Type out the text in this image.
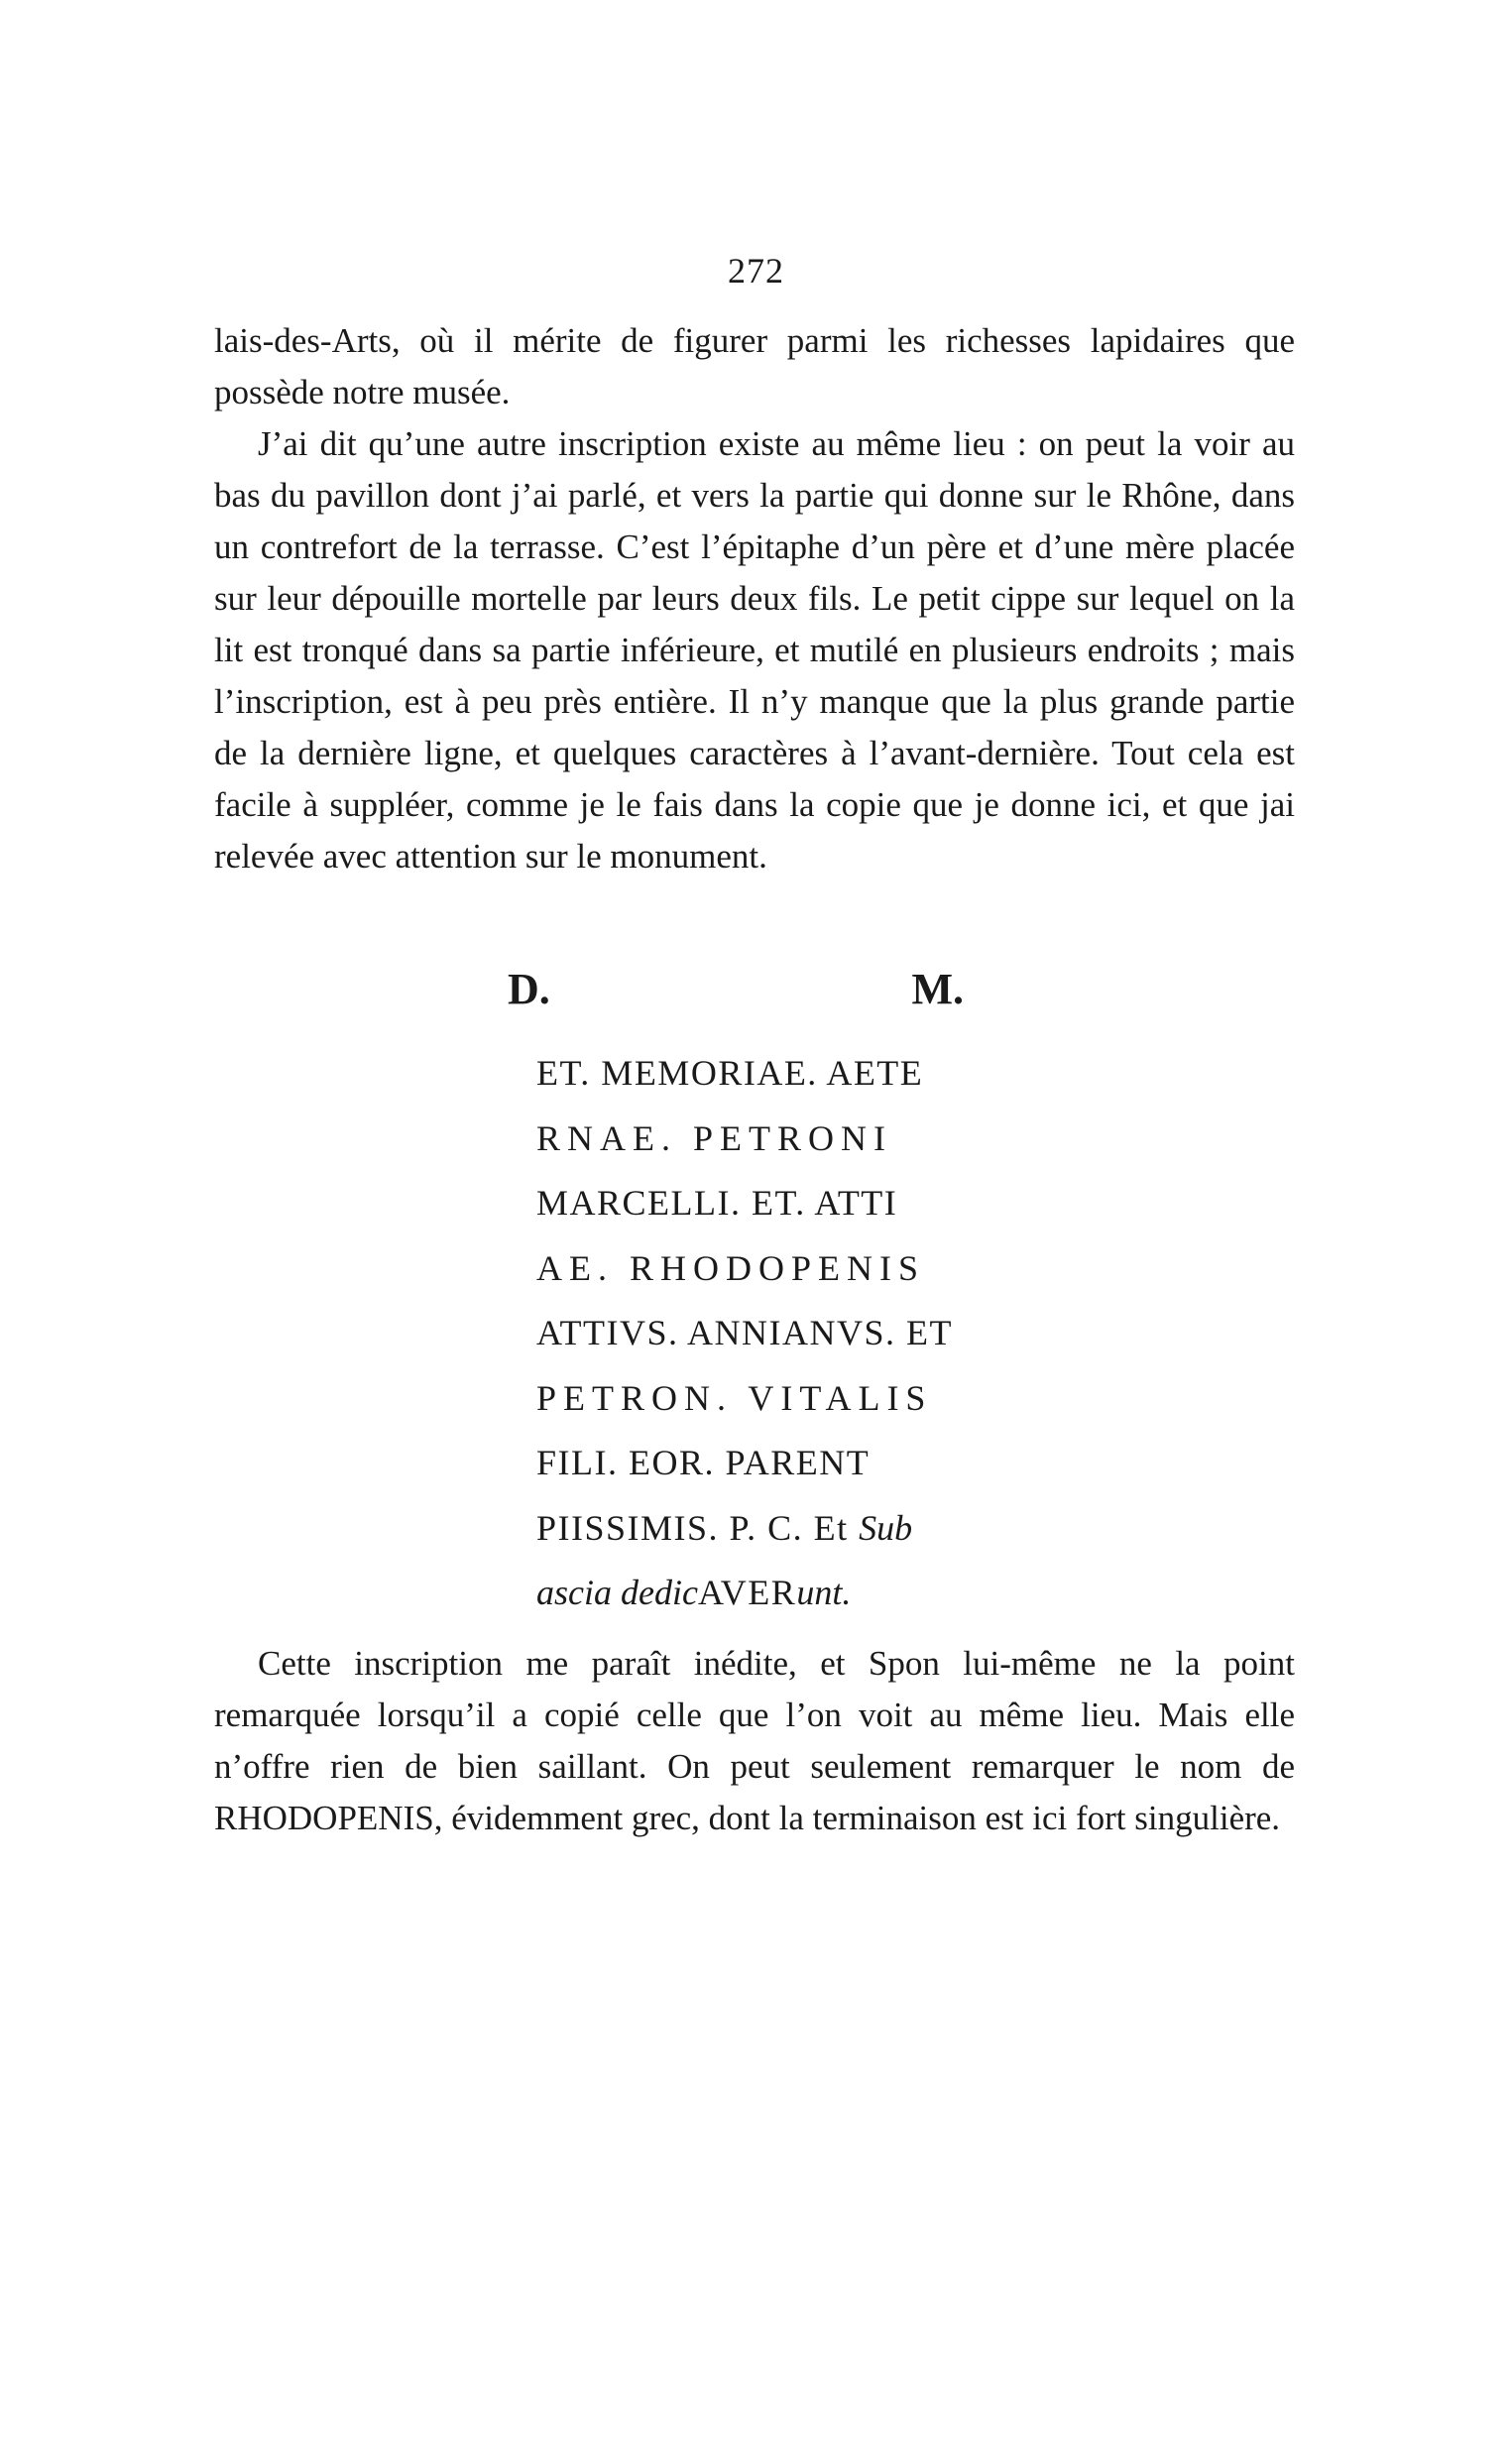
272

lais-des-Arts, où il mérite de figurer parmi les richesses lapidaires que possède notre musée.

J’ai dit qu’une autre inscription existe au même lieu : on peut la voir au bas du pavillon dont j’ai parlé, et vers la partie qui donne sur le Rhône, dans un contrefort de la terrasse. C’est l’épitaphe d’un père et d’une mère placée sur leur dépouille mortelle par leurs deux fils. Le petit cippe sur lequel on la lit est tronqué dans sa partie inférieure, et mutilé en plusieurs endroits ; mais l’inscription, est à peu près entière. Il n’y manque que la plus grande partie de la dernière ligne, et quelques caractères à l’avant-dernière. Tout cela est facile à suppléer, comme je le fais dans la copie que je donne ici, et que jai relevée avec attention sur le monument.

D.	M.
ET. MEMORIAE. AETE
RNAE. PETRONI
MARCELLI. ET. ATTI
AE. RHODOPENIS
ATTIVS. ANNIANVS. ET
PETRON. VITALIS
FILI. EOR. PARENT
PIISSIMIS. P. C. Et Sub
ascia dedicAVERunt.

Cette inscription me paraît inédite, et Spon lui-même ne la point remarquée lorsqu’il a copié celle que l’on voit au même lieu. Mais elle n’offre rien de bien saillant. On peut seulement remarquer le nom de RHODOPENIS, évidemment grec, dont la terminaison est ici fort singulière.
